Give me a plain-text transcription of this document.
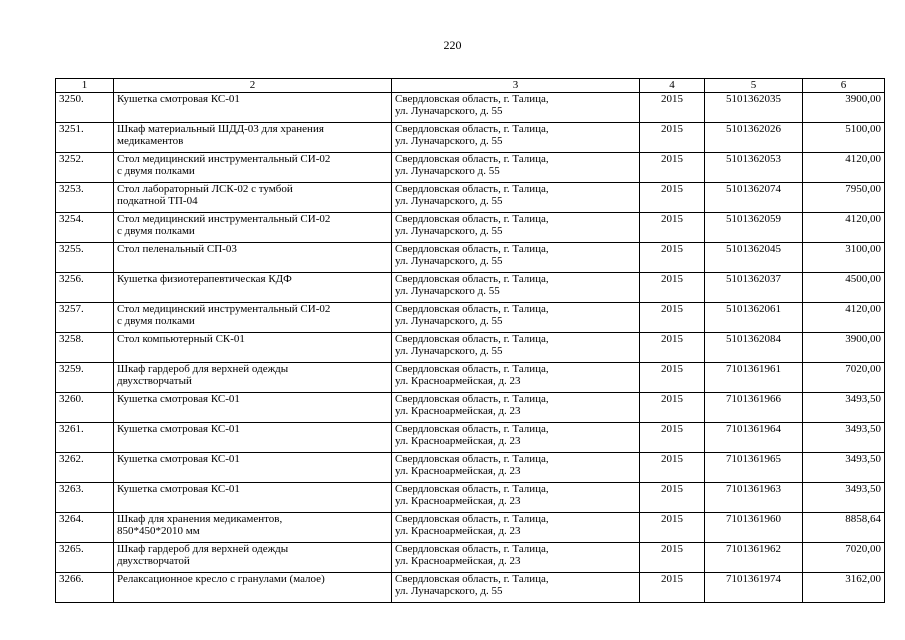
220
1	2	3	4	5	6
3250.	Кушетка смотровая КС-01	Свердловская область, г. Талица,
ул. Луначарского, д. 55	2015	5101362035	3900,00
3251.	Шкаф материальный ШДД-03 для хранения
медикаментов	Свердловская область, г. Талица,
ул. Луначарского, д. 55	2015	5101362026	5100,00
3252.	Стол медицинский инструментальный СИ-02
с двумя полками	Свердловская область, г. Талица,
ул. Луначарского д. 55	2015	5101362053	4120,00
3253.	Стол лабораторный ЛСК-02 с тумбой
подкатной ТП-04	Свердловская область, г. Талица,
ул. Луначарского, д. 55	2015	5101362074	7950,00
3254.	Стол медицинский инструментальный СИ-02
с двумя полками	Свердловская область, г. Талица,
ул. Луначарского, д. 55	2015	5101362059	4120,00
3255.	Стол пеленальный СП-03	Свердловская область, г. Талица,
ул. Луначарского, д. 55	2015	5101362045	3100,00
3256.	Кушетка физиотерапевтическая КДФ	Свердловская область, г. Талица,
ул. Луначарского д. 55	2015	5101362037	4500,00
3257.	Стол медицинский инструментальный СИ-02
с двумя полками	Свердловская область, г. Талица,
ул. Луначарского, д. 55	2015	5101362061	4120,00
3258.	Стол компьютерный СК-01	Свердловская область, г. Талица,
ул. Луначарского, д. 55	2015	5101362084	3900,00
3259.	Шкаф гардероб для верхней одежды
двухстворчатый	Свердловская область, г. Талица,
ул. Красноармейская, д. 23	2015	7101361961	7020,00
3260.	Кушетка смотровая КС-01	Свердловская область, г. Талица,
ул. Красноармейская, д. 23	2015	7101361966	3493,50
3261.	Кушетка смотровая КС-01	Свердловская область, г. Талица,
ул. Красноармейская, д. 23	2015	7101361964	3493,50
3262.	Кушетка смотровая КС-01	Свердловская область, г. Талица,
ул. Красноармейская, д. 23	2015	7101361965	3493,50
3263.	Кушетка смотровая КС-01	Свердловская область, г. Талица,
ул. Красноармейская, д. 23	2015	7101361963	3493,50
3264.	Шкаф для хранения медикаментов,
850*450*2010 мм	Свердловская область, г. Талица,
ул. Красноармейская, д. 23	2015	7101361960	8858,64
3265.	Шкаф гардероб для верхней одежды
двухстворчатой	Свердловская область, г. Талица,
ул. Красноармейская, д. 23	2015	7101361962	7020,00
3266.	Релаксационное кресло с гранулами (малое)	Свердловская область, г. Талица,
ул. Луначарского, д. 55	2015	7101361974	3162,00
